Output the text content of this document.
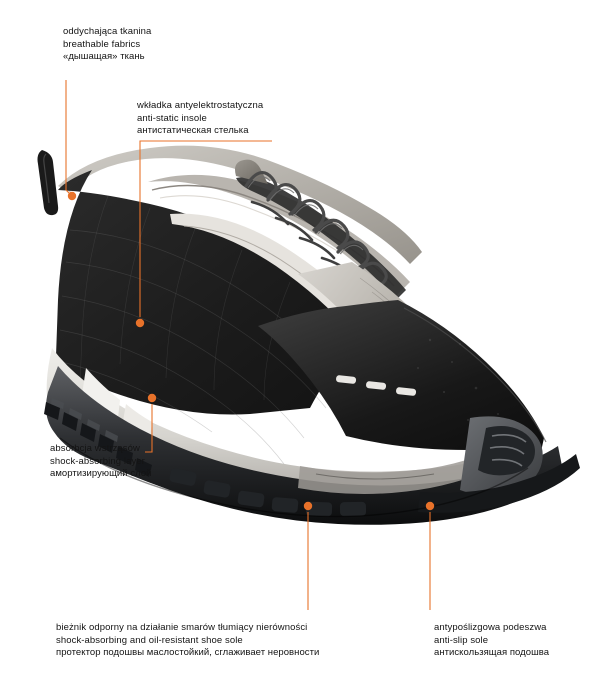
oddychająca tkanina
breathable fabrics
«дышащая» ткань
wkładka antyelektrostatyczna
anti-static insole
антистатическая стелька
absorbcja wstrząsów
shock-absorbing layer
амортизирующий слой
bieżnik odporny na działanie smarów tłumiący nierówności
shock-absorbing and oil-resistant shoe sole
протектор подошвы маслостойкий, сглаживает неровности
antypoślizgowa podeszwa
anti-slip sole
антискользящая подошва
